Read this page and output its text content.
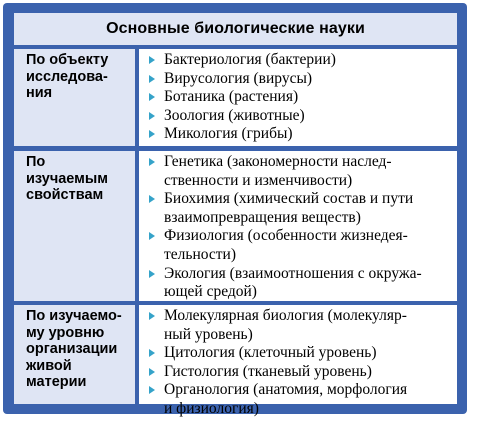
Основные биологические науки
По объекту
исследова-
ния
Бактериология (бактерии)
Вирусология (вирусы)
Ботаника (растения)
Зоология (животные)
Микология (грибы)
По
изучаемым
свойствам
Генетика (закономерности наслед-
ственности и изменчивости)
Биохимия (химический состав и пути
взаимопревращения веществ)
Физиология (особенности жизнедея-
тельности)
Экология (взаимоотношения с окружа-
ющей средой)
По изучаемо-
му уровню
организации
живой
материи
Молекулярная биология (молекуляр-
ный уровень)
Цитология (клеточный уровень)
Гистология (тканевый уровень)
Органология (анатомия, морфология
и физиология)
